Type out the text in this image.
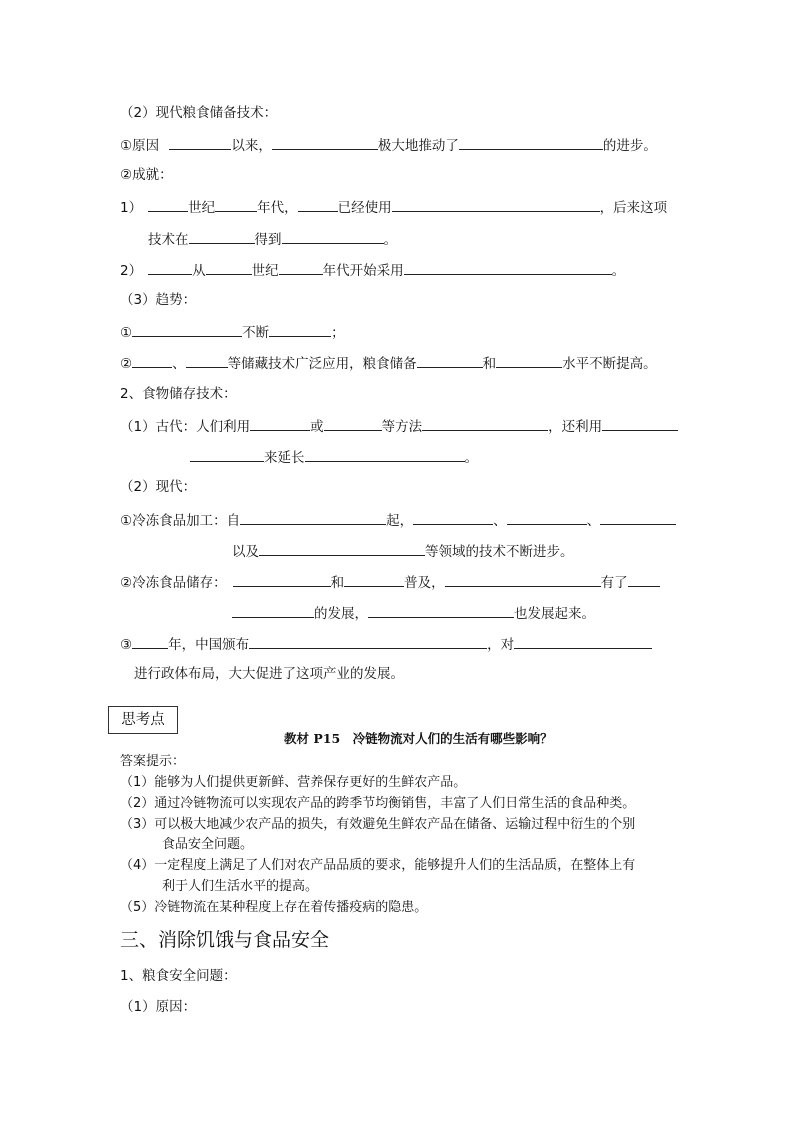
（2）现代粮食储备技术：
①原因	以来，	极大地推动了	的进步。
②成就：
1）	世纪	年代，	已经使用	，后来这项
技术在	得到	。
2）	从	世纪	年代开始采用	。
（3）趋势：
①	不断	；
②	、	等储藏技术广泛应用，粮食储备	和	水平不断提高。
2、食物储存技术：
（1）古代：人们利用	或	等方法	，还利用
来延长	。
（2）现代：
①冷冻食品加工：自	起，	、	、
以及	等领域的技术不断进步。
②冷冻食品储存：	和	普及，	有了
的发展，	也发展起来。
③	年，中国颁布	，对
进行政体布局，大大促进了这项产业的发展。
思考点
教材 P15　冷链物流对人们的生活有哪些影响？
答案提示：
（1）能够为人们提供更新鲜、营养保存更好的生鲜农产品。
（2）通过冷链物流可以实现农产品的跨季节均衡销售，丰富了人们日常生活的食品种类。
（3）可以极大地减少农产品的损失，有效避免生鲜农产品在储备、运输过程中衍生的个别
食品安全问题。
（4）一定程度上满足了人们对农产品品质的要求，能够提升人们的生活品质，在整体上有
利于人们生活水平的提高。
（5）冷链物流在某种程度上存在着传播疫病的隐患。
三、消除饥饿与食品安全
1、粮食安全问题：
（1）原因：
